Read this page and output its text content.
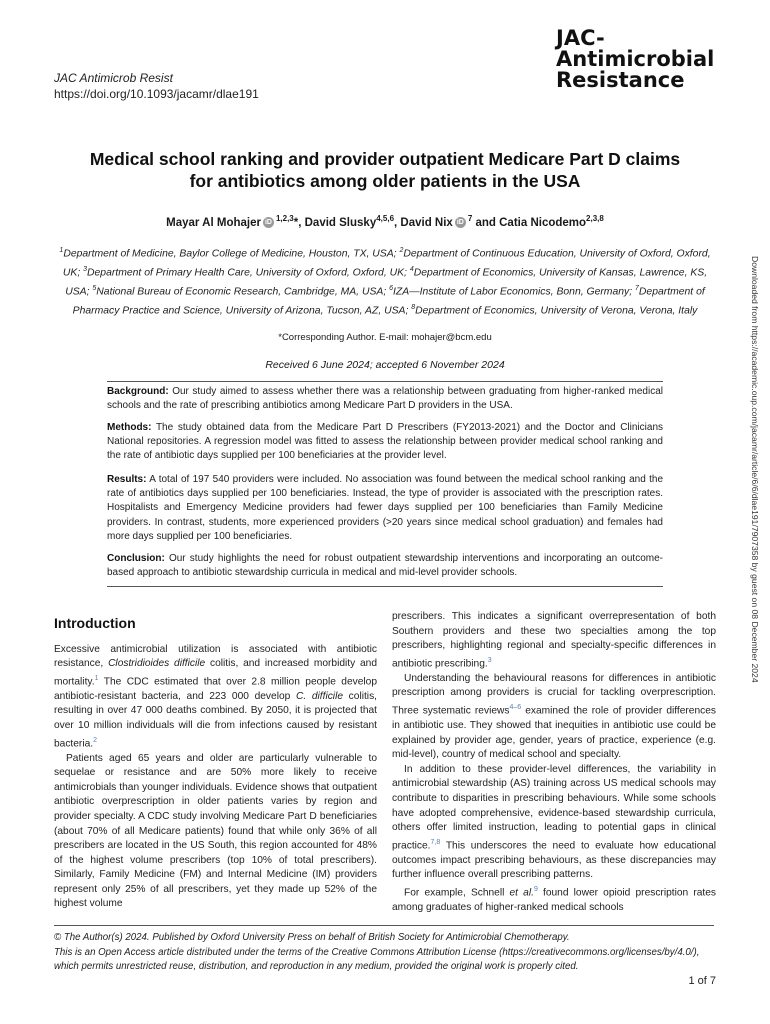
JAC Antimicrob Resist
https://doi.org/10.1093/jacamr/dlae191
JAC-
Antimicrobial
Resistance
Medical school ranking and provider outpatient Medicare Part D claims
for antibiotics among older patients in the USA
Mayar Al Mohajer iD $^{1,2,3}$*, David Slusky$^{4,5,6}$, David Nix iD $^7$ and Catia Nicodemo$^{2,3,8}$
$^1$Department of Medicine, Baylor College of Medicine, Houston, TX, USA; $^2$Department of Continuous Education, University of Oxford, Oxford, UK; $^3$Department of Primary Health Care, University of Oxford, Oxford, UK; $^4$Department of Economics, University of Kansas, Lawrence, KS, USA; $^5$National Bureau of Economic Research, Cambridge, MA, USA; $^6$IZA—Institute of Labor Economics, Bonn, Germany; $^7$Department of Pharmacy Practice and Science, University of Arizona, Tucson, AZ, USA; $^8$Department of Economics, University of Verona, Verona, Italy
*Corresponding Author. E-mail: mohajer@bcm.edu
Received 6 June 2024; accepted 6 November 2024
Background: Our study aimed to assess whether there was a relationship between graduating from higher-ranked medical schools and the rate of prescribing antibiotics among Medicare Part D providers in the USA.
Methods: The study obtained data from the Medicare Part D Prescribers (FY2013-2021) and the Doctor and Clinicians National repositories. A regression model was fitted to assess the relationship between provider medical school ranking and the rate of antibiotic days supplied per 100 beneficiaries at the provider level.
Results: A total of 197 540 providers were included. No association was found between the medical school ranking and the rate of antibiotics days supplied per 100 beneficiaries. Instead, the type of provider is associated with the prescription rates. Hospitalists and Emergency Medicine providers had fewer days supplied per 100 beneficiaries than Family Medicine providers. In contrast, students, more experienced providers (>20 years since medical school graduation) and females had more days supplied per 100 beneficiaries.
Conclusion: Our study highlights the need for robust outpatient stewardship interventions and incorporating an outcome-based approach to antibiotic stewardship curricula in medical and mid-level provider schools.
Introduction

Excessive antimicrobial utilization is associated with antibiotic resistance, Clostridioides difficile colitis, and increased morbidity and mortality.$^1$ The CDC estimated that over 2.8 million people develop antibiotic-resistant bacteria, and 223 000 develop C. difficile colitis, resulting in over 47 000 deaths combined. By 2050, it is projected that over 10 million individuals will die from infections caused by resistant bacteria.$^2$

Patients aged 65 years and older are particularly vulnerable to sequelae or resistance and are 50% more likely to receive antimicrobials than younger individuals. Evidence shows that outpatient antibiotic overprescription in older patients varies by region and provider specialty. A CDC study involving Medicare Part D beneficiaries (about 70% of all Medicare patients) found that while only 36% of all prescribers are located in the US South, this region accounted for 48% of the highest volume prescribers (top 10% of total prescribers). Similarly, Family Medicine (FM) and Internal Medicine (IM) providers represent only 25% of all prescribers, yet they made up 52% of the highest volume

prescribers. This indicates a significant overrepresentation of both Southern providers and these two specialties among the top prescribers, highlighting regional and specialty-specific differences in antibiotic prescribing.$^3$

Understanding the behavioural reasons for differences in antibiotic prescription among providers is crucial for tackling overprescription. Three systematic reviews$^{4-6}$ examined the role of provider differences in antibiotic use. They showed that inequities in antibiotic use could be explained by provider age, gender, years of practice, experience (e.g. mid-level), country of medical school and specialty.

In addition to these provider-level differences, the variability in antimicrobial stewardship (AS) training across US medical schools may contribute to disparities in prescribing behaviours. While some schools have adopted comprehensive, evidence-based stewardship curricula, others offer limited instruction, leading to potential gaps in clinical practice.$^{7,8}$ This underscores the need to evaluate how educational outcomes impact prescribing behaviours, as these discrepancies may further influence overall prescribing patterns.

For example, Schnell et al.$^9$ found lower opioid prescription rates among graduates of higher-ranked medical schools

© The Author(s) 2024. Published by Oxford University Press on behalf of British Society for Antimicrobial Chemotherapy.
This is an Open Access article distributed under the terms of the Creative Commons Attribution License (https://creativecommons.org/licenses/by/4.0/), which permits unrestricted reuse, distribution, and reproduction in any medium, provided the original work is properly cited.
1 of 7
Downloaded from https://academic.oup.com/jacamr/article/6/6/dlae191/7907358 by guest on 08 December 2024
